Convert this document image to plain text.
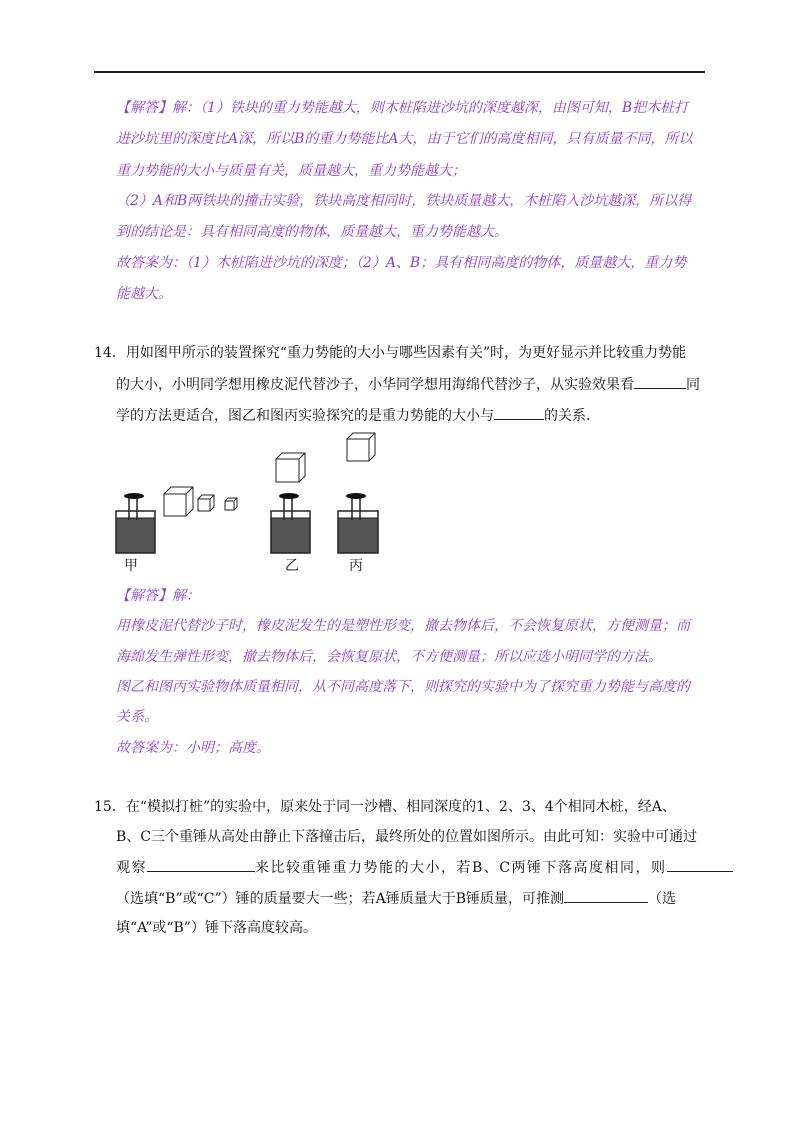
【解答】解：（1）铁块的重力势能越大，则木桩陷进沙坑的深度越深，由图可知，B把木桩打
进沙坑里的深度比A深，所以B的重力势能比A大，由于它们的高度相同，只有质量不同，所以
重力势能的大小与质量有关，质量越大，重力势能越大；
（2）A和B两铁块的撞击实验，铁块高度相同时，铁块质量越大，木桩陷入沙坑越深，所以得
到的结论是：具有相同高度的物体，质量越大，重力势能越大。
故答案为：（1）木桩陷进沙坑的深度；（2）A、B；具有相同高度的物体，质量越大，重力势
能越大。
14．用如图甲所示的装置探究“重力势能的大小与哪些因素有关”时，为更好显示并比较重力势能
的大小，小明同学想用橡皮泥代替沙子，小华同学想用海绵代替沙子，从实验效果看	同
学的方法更适合，图乙和图丙实验探究的是重力势能的大小与	的关系．
甲	乙	丙
【解答】解：
用橡皮泥代替沙子时，橡皮泥发生的是塑性形变，撤去物体后，不会恢复原状，方便测量；而
海绵发生弹性形变，撤去物体后，会恢复原状，不方便测量；所以应选小明同学的方法。
图乙和图丙实验物体质量相同，从不同高度落下，则探究的实验中为了探究重力势能与高度的
关系。
故答案为：小明；高度。
15．在“模拟打桩”的实验中，原来处于同一沙槽、相同深度的1、2、3、4个相同木桩，经A、
B、C三个重锤从高处由静止下落撞击后，最终所处的位置如图所示。由此可知：实验中可通过
观察	来比较重锤重力势能的大小，若B、C两锤下落高度相同，则
（选填“B”或“C”）锤的质量要大一些；若A锤质量大于B锤质量，可推测	（选
填“A”或“B”）锤下落高度较高。
